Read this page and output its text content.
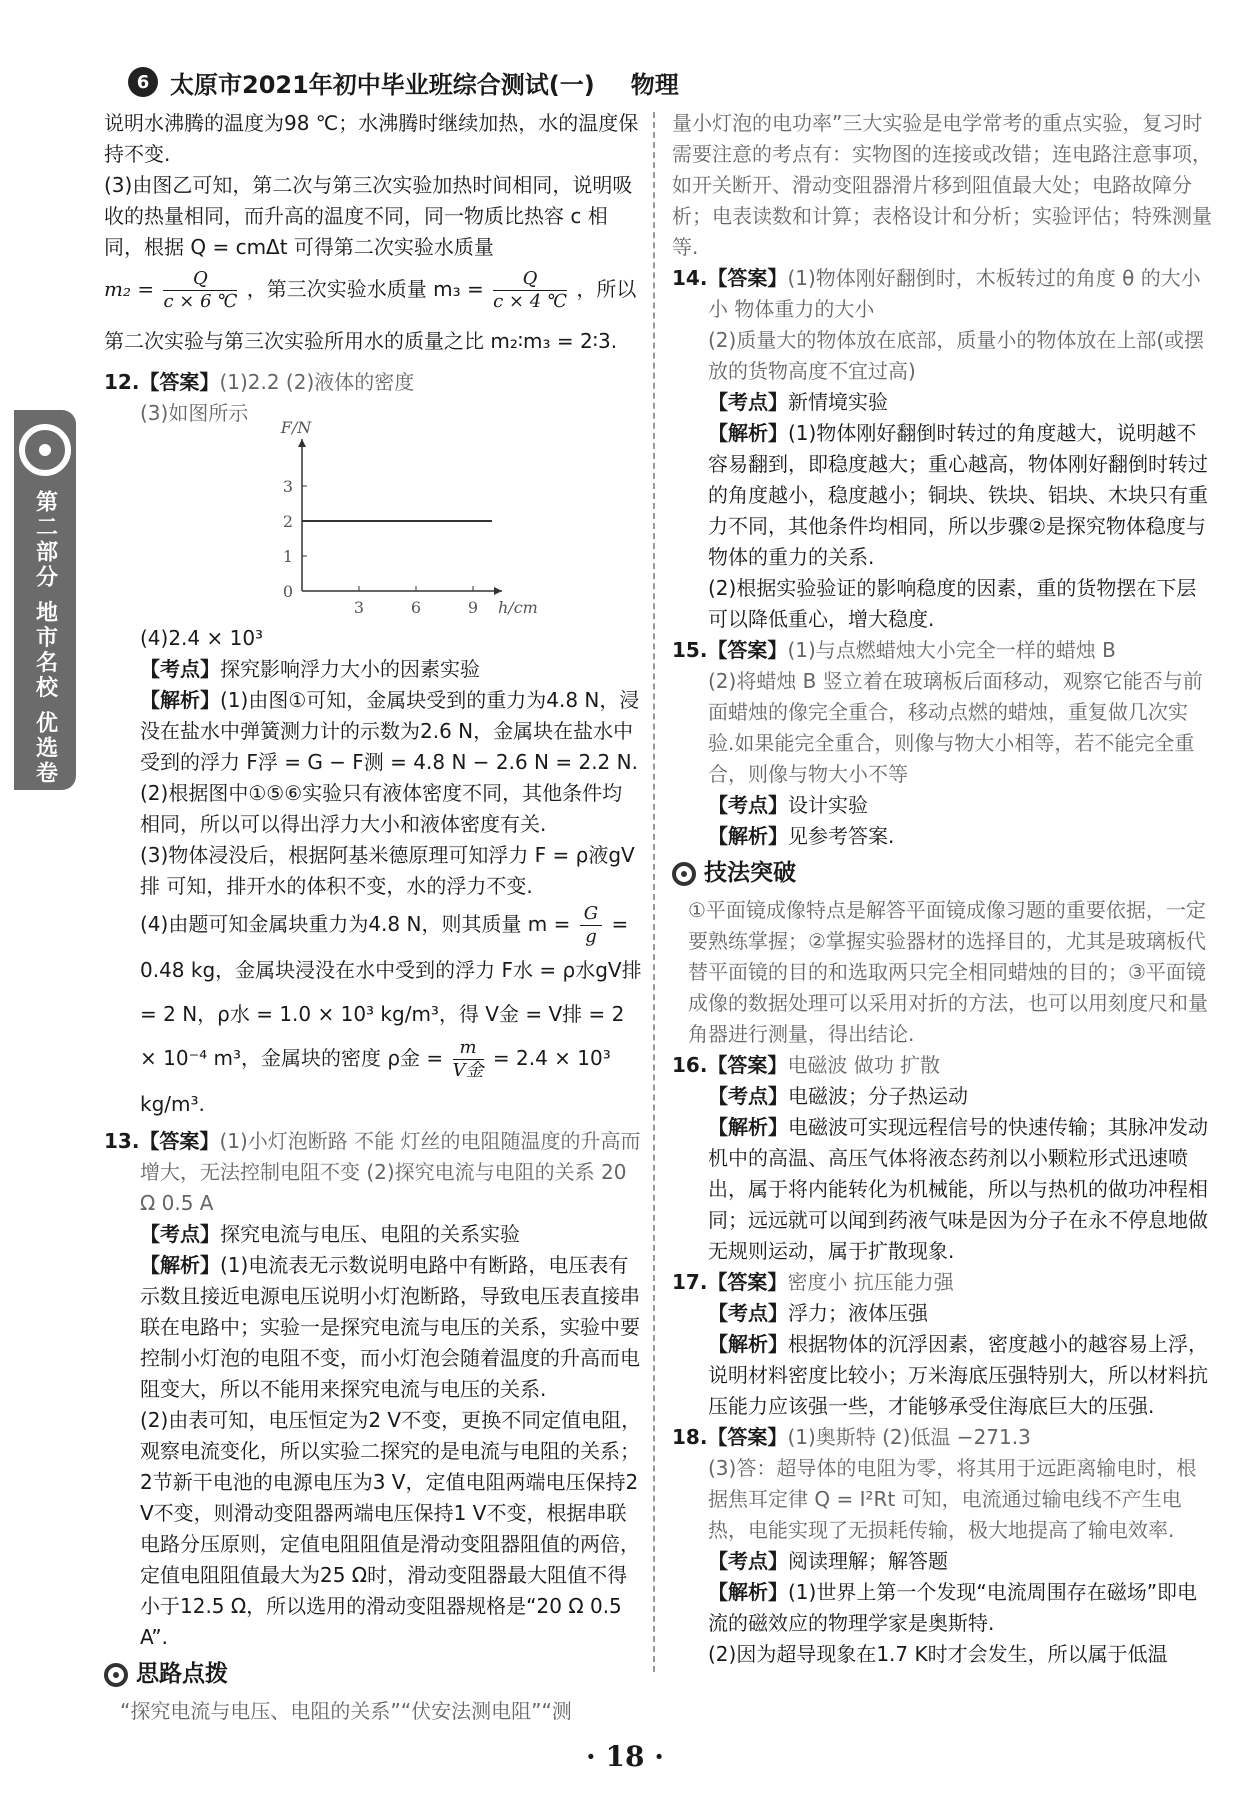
6 太原市2021年初中毕业班综合测试(一) 物理
第二部分 地市名校 优选卷

说明水沸腾的温度为98 ℃；水沸腾时继续加热，水的温度保持不变.

(3)由图乙可知，第二次与第三次实验加热时间相同，说明吸收的热量相同，而升高的温度不同，同一物质比热容 c 相同，根据 Q = cmΔt 可得第二次实验水质量

$m_2 = \frac{Q}{c \times 6 ℃}$ ，第三次实验水质量 $m_3 = \frac{Q}{c \times 4 ℃}$ ，所以第二次实验与第三次实验所用水的质量之比 m₂∶m₃ = 2∶3.

12.【答案】(1)2.2 (2)液体的密度

(3)如图所示

0
1
2
3
3	6	9
F/N
h/cm

(4)2.4 × 10³

【考点】探究影响浮力大小的因素实验

【解析】(1)由图①可知，金属块受到的重力为4.8 N，浸没在盐水中弹簧测力计的示数为2.6 N，金属块在盐水中受到的浮力 F浮 = G − F测 = 4.8 N − 2.6 N = 2.2 N.

(2)根据图中①⑤⑥实验只有液体密度不同，其他条件均相同，所以可以得出浮力大小和液体密度有关.

(3)物体浸没后，根据阿基米德原理可知浮力 F = ρ液gV排 可知，排开水的体积不变，水的浮力不变.

(4)由题可知金属块重力为4.8 N，则其质量 $m = \frac{G}{g} = 0.48$ kg，金属块浸没在水中受到的浮力 F水 = ρ水gV排 = 2 N，ρ水 = 1.0 × 10³ kg/m³，得 V金 = V排 = 2 × 10⁻⁴ m³，金属块的密度 ρ金 = $\frac{m}{\text{V金}} = 2.4 \times 10^3$ kg/m³.

13.【答案】(1)小灯泡断路 不能 灯丝的电阻随温度的升高而增大，无法控制电阻不变 (2)探究电流与电阻的关系 20 Ω 0.5 A

【考点】探究电流与电压、电阻的关系实验

【解析】(1)电流表无示数说明电路中有断路，电压表有示数且接近电源电压说明小灯泡断路，导致电压表直接串联在电路中；实验一是探究电流与电压的关系，实验中要控制小灯泡的电阻不变，而小灯泡会随着温度的升高而电阻变大，所以不能用来探究电流与电压的关系.

(2)由表可知，电压恒定为2 V不变，更换不同定值电阻，观察电流变化，所以实验二探究的是电流与电阻的关系；2节新干电池的电源电压为3 V，定值电阻两端电压保持2 V不变，则滑动变阻器两端电压保持1 V不变，根据串联电路分压原则，定值电阻阻值是滑动变阻器阻值的两倍，定值电阻阻值最大为25 Ω时，滑动变阻器最大阻值不得小于12.5 Ω，所以选用的滑动变阻器规格是“20 Ω 0.5 A”.

思路点拨

“探究电流与电压、电阻的关系”“伏安法测电阻”“测

量小灯泡的电功率”三大实验是电学常考的重点实验，复习时需要注意的考点有：实物图的连接或改错；连电路注意事项，如开关断开、滑动变阻器滑片移到阻值最大处；电路故障分析；电表读数和计算；表格设计和分析；实验评估；特殊测量等.

14.【答案】(1)物体刚好翻倒时，木板转过的角度 θ 的大小 小 物体重力的大小

(2)质量大的物体放在底部，质量小的物体放在上部(或摆放的货物高度不宜过高)

【考点】新情境实验

【解析】(1)物体刚好翻倒时转过的角度越大，说明越不容易翻到，即稳度越大；重心越高，物体刚好翻倒时转过的角度越小，稳度越小；铜块、铁块、铝块、木块只有重力不同，其他条件均相同，所以步骤②是探究物体稳度与物体的重力的关系.

(2)根据实验验证的影响稳度的因素，重的货物摆在下层可以降低重心，增大稳度.

15.【答案】(1)与点燃蜡烛大小完全一样的蜡烛 B

(2)将蜡烛 B 竖立着在玻璃板后面移动，观察它能否与前面蜡烛的像完全重合，移动点燃的蜡烛，重复做几次实验.如果能完全重合，则像与物大小相等，若不能完全重合，则像与物大小不等

【考点】设计实验

【解析】见参考答案.

技法突破

①平面镜成像特点是解答平面镜成像习题的重要依据，一定要熟练掌握；②掌握实验器材的选择目的，尤其是玻璃板代替平面镜的目的和选取两只完全相同蜡烛的目的；③平面镜成像的数据处理可以采用对折的方法，也可以用刻度尺和量角器进行测量，得出结论.

16.【答案】电磁波 做功 扩散

【考点】电磁波；分子热运动

【解析】电磁波可实现远程信号的快速传输；其脉冲发动机中的高温、高压气体将液态药剂以小颗粒形式迅速喷出，属于将内能转化为机械能，所以与热机的做功冲程相同；远远就可以闻到药液气味是因为分子在永不停息地做无规则运动，属于扩散现象.

17.【答案】密度小 抗压能力强

【考点】浮力；液体压强

【解析】根据物体的沉浮因素，密度越小的越容易上浮，说明材料密度比较小；万米海底压强特别大，所以材料抗压能力应该强一些，才能够承受住海底巨大的压强.

18.【答案】(1)奥斯特 (2)低温 −271.3

(3)答：超导体的电阻为零，将其用于远距离输电时，根据焦耳定律 Q = I²Rt 可知，电流通过输电线不产生电热，电能实现了无损耗传输，极大地提高了输电效率.

【考点】阅读理解；解答题

【解析】(1)世界上第一个发现“电流周围存在磁场”即电流的磁效应的物理学家是奥斯特.

(2)因为超导现象在1.7 K时才会发生，所以属于低温

· 18 ·
